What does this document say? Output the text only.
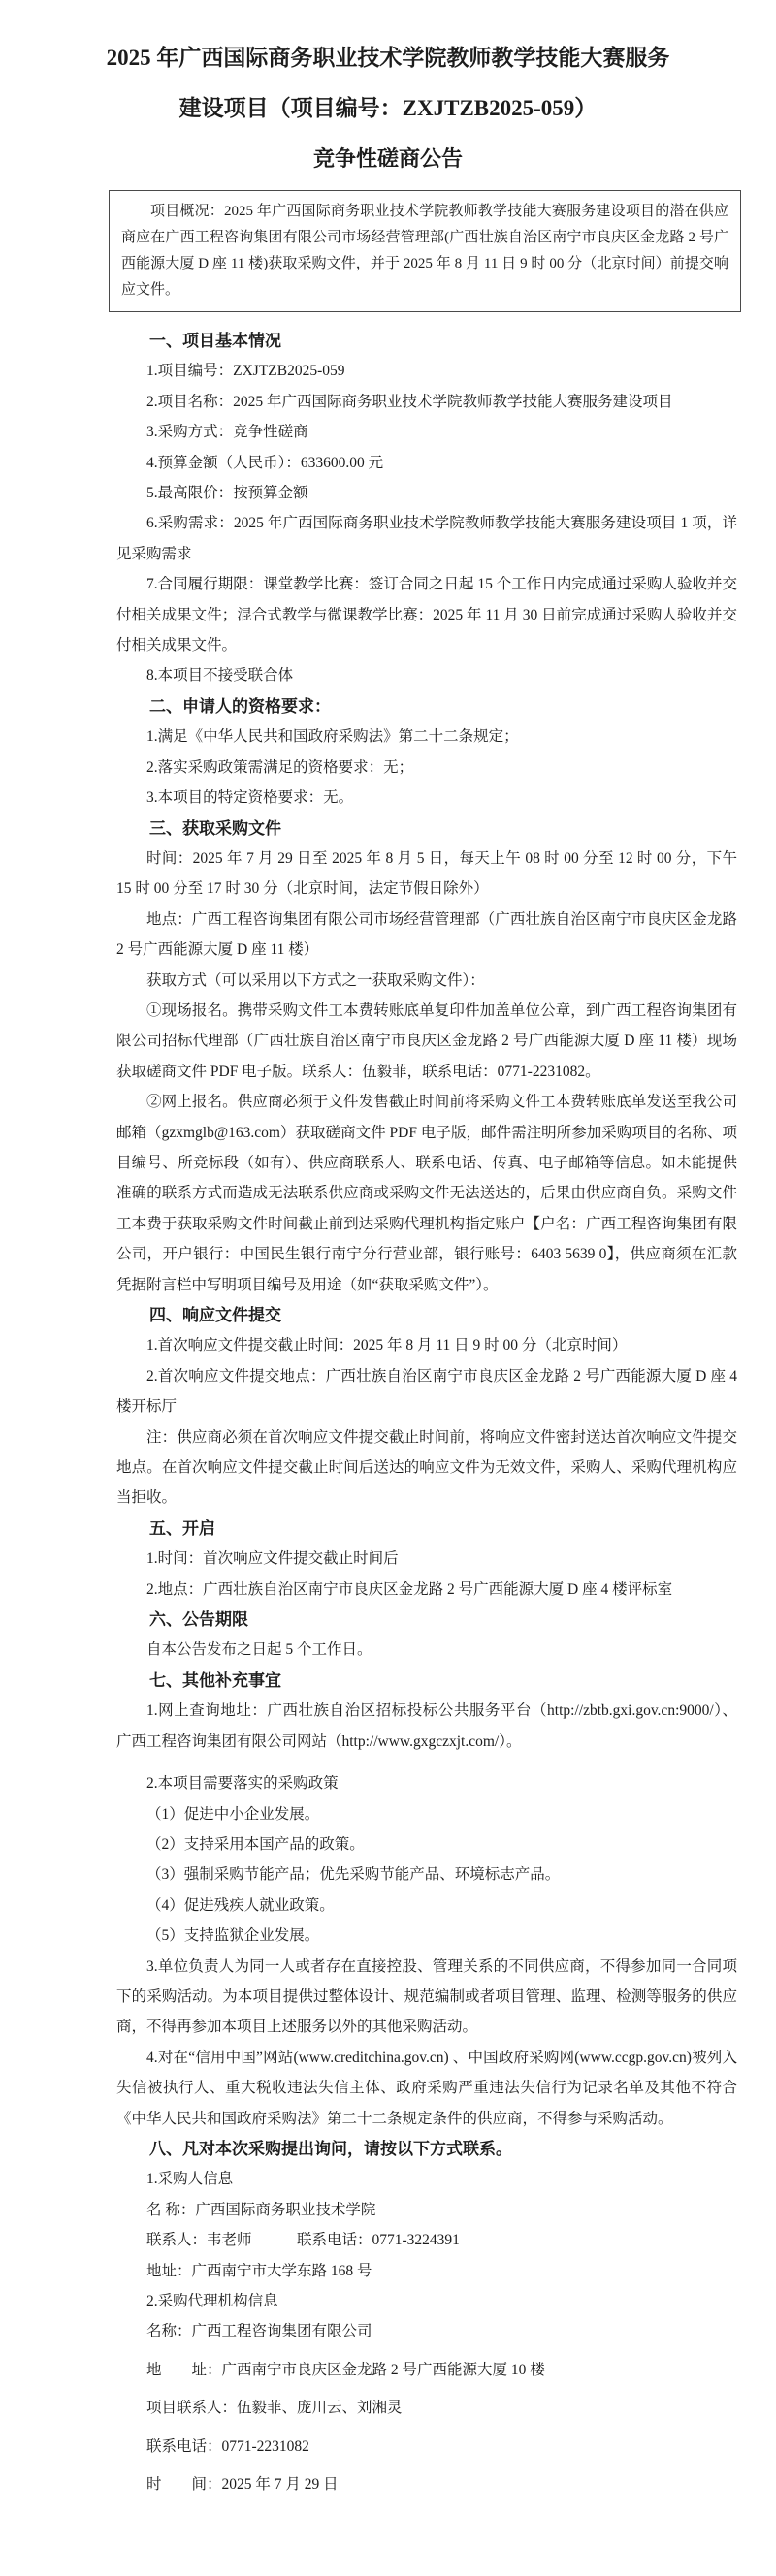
2025 年广西国际商务职业技术学院教师教学技能大赛服务

建设项目（项目编号：ZXJTZB2025-059）

竞争性磋商公告

项目概况：2025 年广西国际商务职业技术学院教师教学技能大赛服务建设项目的潜在供应商应在广西工程咨询集团有限公司市场经营管理部(广西壮族自治区南宁市良庆区金龙路 2 号广西能源大厦 D 座 11 楼)获取采购文件，并于 2025 年 8 月 11 日 9 时 00 分（北京时间）前提交响应文件。

一、项目基本情况

1.项目编号：ZXJTZB2025-059

2.项目名称：2025 年广西国际商务职业技术学院教师教学技能大赛服务建设项目

3.采购方式：竞争性磋商

4.预算金额（人民币）：633600.00 元

5.最高限价：按预算金额

6.采购需求：2025 年广西国际商务职业技术学院教师教学技能大赛服务建设项目 1 项，详见采购需求

7.合同履行期限：课堂教学比赛：签订合同之日起 15 个工作日内完成通过采购人验收并交付相关成果文件；混合式教学与微课教学比赛：2025 年 11 月 30 日前完成通过采购人验收并交付相关成果文件。

8.本项目不接受联合体

二、申请人的资格要求：

1.满足《中华人民共和国政府采购法》第二十二条规定；

2.落实采购政策需满足的资格要求：无；

3.本项目的特定资格要求：无。

三、获取采购文件

时间：2025 年 7 月 29 日至 2025 年 8 月 5 日，每天上午 08 时 00 分至 12 时 00 分，下午 15 时 00 分至 17 时 30 分（北京时间，法定节假日除外）

地点：广西工程咨询集团有限公司市场经营管理部（广西壮族自治区南宁市良庆区金龙路 2 号广西能源大厦 D 座 11 楼）

获取方式（可以采用以下方式之一获取采购文件）：

①现场报名。携带采购文件工本费转账底单复印件加盖单位公章，到广西工程咨询集团有限公司招标代理部（广西壮族自治区南宁市良庆区金龙路 2 号广西能源大厦 D 座 11 楼）现场获取磋商文件 PDF 电子版。联系人：伍毅菲，联系电话：0771-2231082。

②网上报名。供应商必须于文件发售截止时间前将采购文件工本费转账底单发送至我公司邮箱（gzxmglb@163.com）获取磋商文件 PDF 电子版，邮件需注明所参加采购项目的名称、项目编号、所竞标段（如有）、供应商联系人、联系电话、传真、电子邮箱等信息。如未能提供准确的联系方式而造成无法联系供应商或采购文件无法送达的，后果由供应商自负。采购文件工本费于获取采购文件时间截止前到达采购代理机构指定账户【户名：广西工程咨询集团有限公司，开户银行：中国民生银行南宁分行营业部，银行账号：6403 5639 0】，供应商须在汇款凭据附言栏中写明项目编号及用途（如“获取采购文件”）。

四、响应文件提交

1.首次响应文件提交截止时间：2025 年 8 月 11 日 9 时 00 分（北京时间）

2.首次响应文件提交地点：广西壮族自治区南宁市良庆区金龙路 2 号广西能源大厦 D 座 4 楼开标厅

注：供应商必须在首次响应文件提交截止时间前，将响应文件密封送达首次响应文件提交地点。在首次响应文件提交截止时间后送达的响应文件为无效文件，采购人、采购代理机构应当拒收。

五、开启

1.时间：首次响应文件提交截止时间后

2.地点：广西壮族自治区南宁市良庆区金龙路 2 号广西能源大厦 D 座 4 楼评标室

六、公告期限

自本公告发布之日起 5 个工作日。

七、其他补充事宜

1.网上查询地址：广西壮族自治区招标投标公共服务平台（http://zbtb.gxi.gov.cn:9000/）、广西工程咨询集团有限公司网站（http://www.gxgczxjt.com/）。

2.本项目需要落实的采购政策

（1）促进中小企业发展。

（2）支持采用本国产品的政策。

（3）强制采购节能产品；优先采购节能产品、环境标志产品。

（4）促进残疾人就业政策。

（5）支持监狱企业发展。

3.单位负责人为同一人或者存在直接控股、管理关系的不同供应商，不得参加同一合同项下的采购活动。为本项目提供过整体设计、规范编制或者项目管理、监理、检测等服务的供应商，不得再参加本项目上述服务以外的其他采购活动。

4.对在“信用中国”网站(www.creditchina.gov.cn) 、中国政府采购网(www.ccgp.gov.cn)被列入失信被执行人、重大税收违法失信主体、政府采购严重违法失信行为记录名单及其他不符合《中华人民共和国政府采购法》第二十二条规定条件的供应商，不得参与采购活动。

八、凡对本次采购提出询问，请按以下方式联系。

1.采购人信息

名 称：广西国际商务职业技术学院

联系人：韦老师　　　联系电话：0771-3224391

地址：广西南宁市大学东路 168 号

2.采购代理机构信息

名称：广西工程咨询集团有限公司

地　　址：广西南宁市良庆区金龙路 2 号广西能源大厦 10 楼

项目联系人：伍毅菲、庞川云、刘湘灵

联系电话：0771-2231082

时　　间：2025 年 7 月 29 日
